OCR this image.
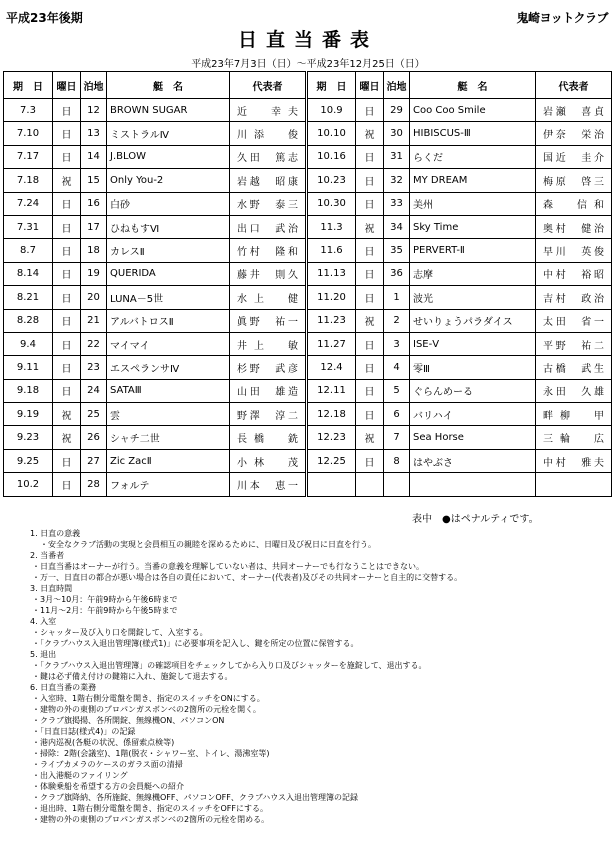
平成23年後期	鬼崎ヨットクラブ
日直当番表
平成23年7月3日（日）〜平成23年12月25日（日）
期　日	曜日	泊地	艇　名	代表者	期　日	曜日	泊地	艇　名	代表者
7.3	日	12	BROWN SUGAR	近　幸夫	10.9	日	29	Coo Coo Smile	岩瀬　喜貞
7.10	日	13	ミストラルⅣ	川添　俊	10.10	祝	30	HIBISCUS-Ⅲ	伊奈　栄治
7.17	日	14	J.BLOW	久田　篤志	10.16	日	31	らくだ	国近　圭介
7.18	祝	15	Only You-2	岩越　昭康	10.23	日	32	MY DREAM	梅原　啓三
7.24	日	16	白砂	水野　泰三	10.30	日	33	美州	森　信和
7.31	日	17	ひねもすⅥ	出口　武治	11.3	祝	34	Sky Time	奥村　健治
8.7	日	18	カレスⅡ	竹村　隆和	11.6	日	35	PERVERT-Ⅱ	早川　英俊
8.14	日	19	QUERIDA	藤井　則久	11.13	日	36	志摩	中村　裕昭
8.21	日	20	LUNA－5世	水上　健	11.20	日	1	波光	吉村　政治
8.28	日	21	アルバトロスⅡ	眞野　祐一	11.23	祝	2	せいりょうパラダイス	太田　省一
9.4	日	22	マイマイ	井上　敏	11.27	日	3	ISE-Ⅴ	平野　祐二
9.11	日	23	エスペランサⅣ	杉野　武彦	12.4	日	4	零Ⅲ	古橋　武生
9.18	日	24	SATAⅢ	山田　雄造	12.11	日	5	ぐらんめーる	永田　久雄
9.19	祝	25	雲	野澤　淳二	12.18	日	6	バリハイ	畔柳　甲
9.23	祝	26	シャチ二世	長橋　銑	12.23	祝	7	Sea Horse	三輪　広
9.25	日	27	Zic ZacⅡ	小林　茂	12.25	日	8	はやぶさ	中村　雅夫
10.2	日	28	フォルテ	川本　恵一					
表中　●はペナルティです。
1. 日直の意義
　・安全なクラブ活動の実現と会員相互の親睦を深めるために、日曜日及び祝日に日直を行う。
2. 当番者
・日直当番はオーナーが行う。当番の意義を理解していない者は、共同オーナーでも行なうことはできない。
・万一、日直日の都合が悪い場合は各自の責任において、オーナー(代表者)及びその共同オーナーと自主的に交替する。
3. 日直時間
・3月～10月：午前9時から午後6時まで
・11月～2月：午前9時から午後5時まで
4. 入室
・シャッター及び入り口を開錠して、入室する。
・「クラブハウス入退出管理簿(様式1)」に必要事項を記入し、鍵を所定の位置に保管する。
5. 退出
・「クラブハウス入退出管理簿」の確認項目をチェックしてから入り口及びシャッターを施錠して、退出する。
・鍵は必ず備え付けの鍵箱に入れ、施錠して退去する。
6. 日直当番の業務
・入室時、1階右側分電盤を開き、指定のスイッチをONにする。
・建物の外の東側のプロパンガスボンベの2箇所の元栓を開く。
・クラブ旗掲揚、各所開錠、無線機ON、パソコンON
・「日直日誌(様式4)」の記録
・港内巡視(各艇の状況、係留索点検等)
・掃除：2階(会議室)、1階(脱衣・シャワー室、トイレ、湯沸室等)
・ライブカメラのケースのガラス面の清掃
・出入港艇のファイリング
・体験乗船を希望する方の会員艇への紹介
・クラブ旗降納、各所施錠、無線機OFF、パソコンOFF、クラブハウス入退出管理簿の記録
・退出時、1階右側分電盤を開き、指定のスイッチをOFFにする。
・建物の外の東側のプロパンガスボンベの2箇所の元栓を閉める。
